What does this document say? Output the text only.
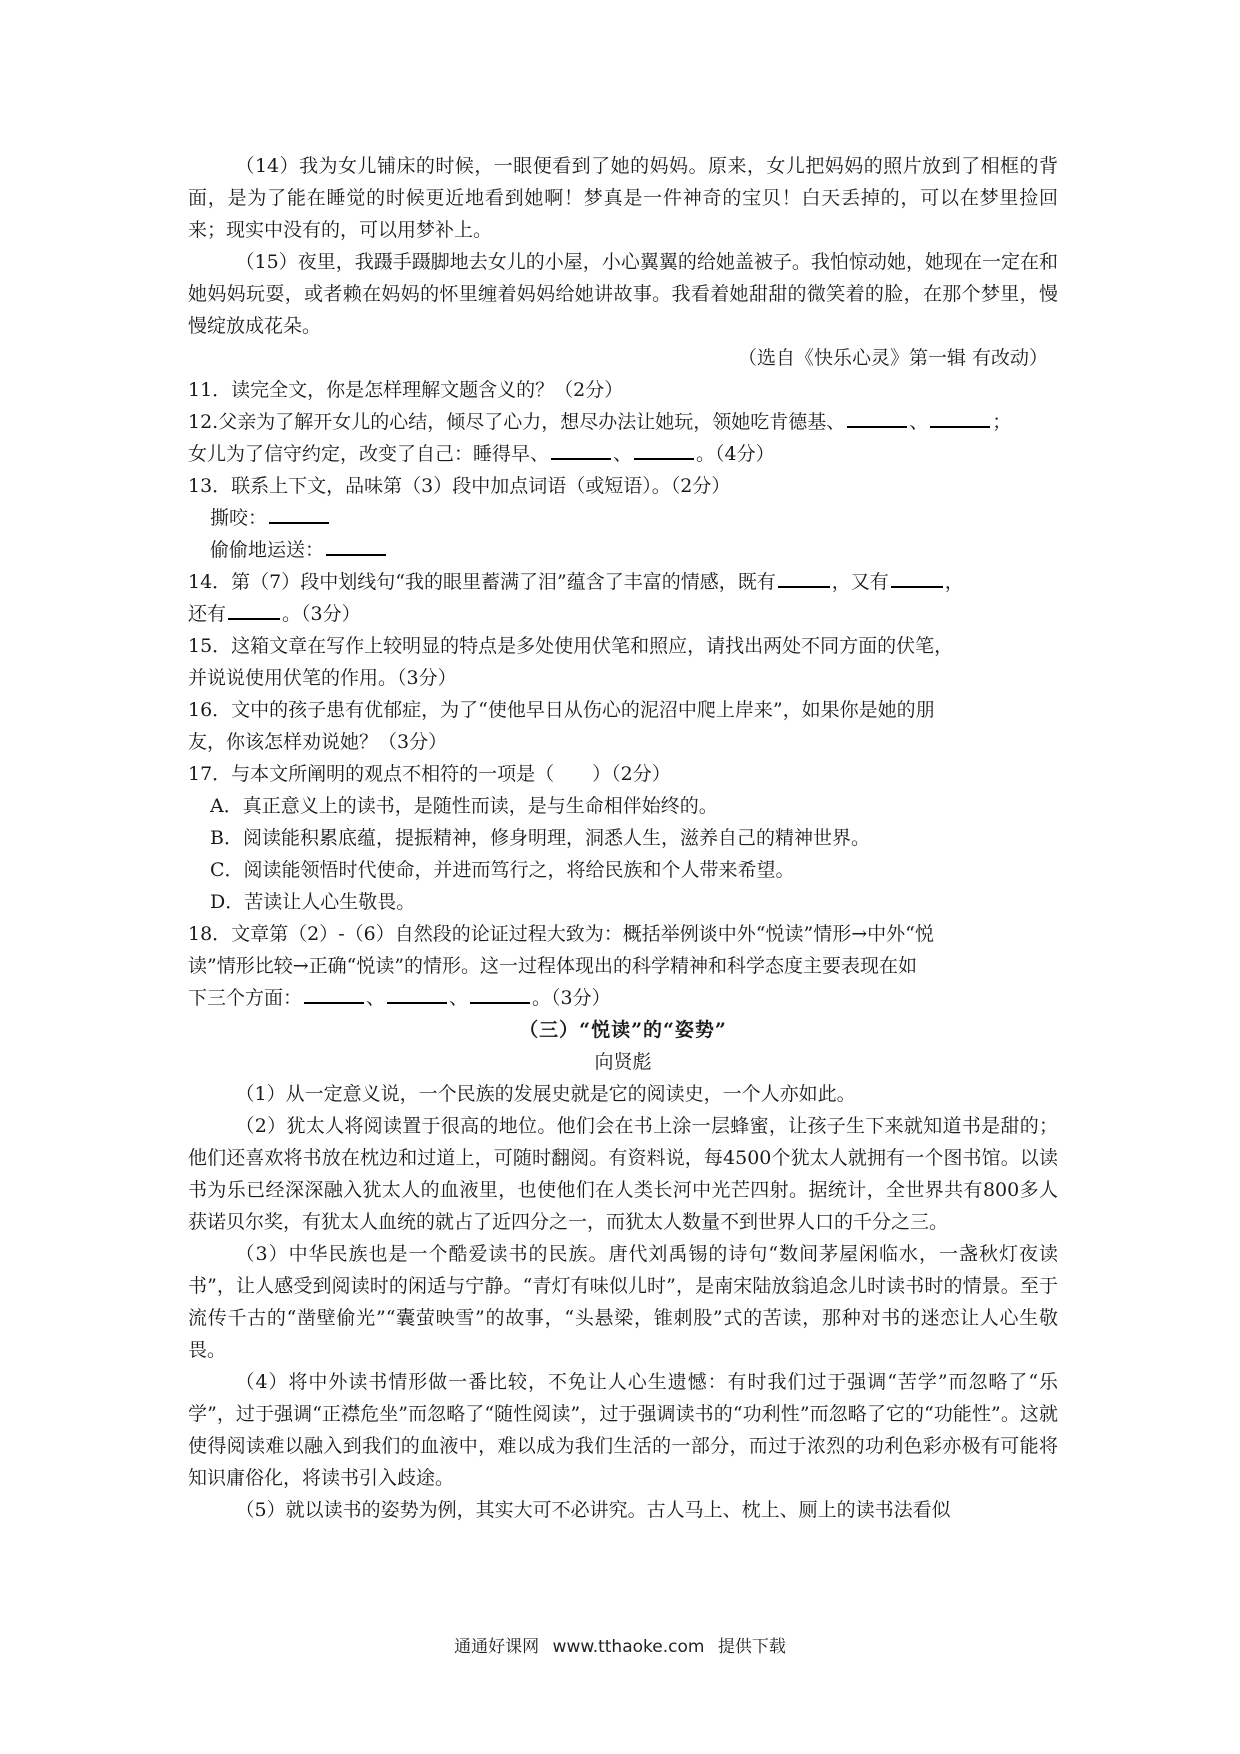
（14）我为女儿铺床的时候，一眼便看到了她的妈妈。原来，女儿把妈妈的照片放到了相框的背面，是为了能在睡觉的时候更近地看到她啊！梦真是一件神奇的宝贝！白天丢掉的，可以在梦里捡回来；现实中没有的，可以用梦补上。
（15）夜里，我蹑手蹑脚地去女儿的小屋，小心翼翼的给她盖被子。我怕惊动她，她现在一定在和她妈妈玩耍，或者赖在妈妈的怀里缠着妈妈给她讲故事。我看着她甜甜的微笑着的脸，在那个梦里，慢慢绽放成花朵。
（选自《快乐心灵》第一辑 有改动）
11．读完全文，你是怎样理解文题含义的？（2分）
12.父亲为了解开女儿的心结，倾尽了心力，想尽办法让她玩，领她吃肯德基、	、	；
女儿为了信守约定，改变了自己：睡得早、	、	。（4分）
13．联系上下文，品味第（3）段中加点词语（或短语）。（2分）
撕咬：
偷偷地运送：
14．第（7）段中划线句“我的眼里蓄满了泪”蕴含了丰富的情感，既有	，又有	，
还有	。（3分）
15．这箱文章在写作上较明显的特点是多处使用伏笔和照应，请找出两处不同方面的伏笔，
并说说使用伏笔的作用。（3分）
16．文中的孩子患有优郁症，为了“使他早日从伤心的泥沼中爬上岸来”，如果你是她的朋
友，你该怎样劝说她？（3分）
17．与本文所阐明的观点不相符的一项是（　　）（2分）
A．真正意义上的读书，是随性而读，是与生命相伴始终的。
B．阅读能积累底蕴，提振精神，修身明理，洞悉人生，滋养自己的精神世界。
C．阅读能领悟时代使命，并进而笃行之，将给民族和个人带来希望。
D．苦读让人心生敬畏。
18．文章第（2）-（6）自然段的论证过程大致为：概括举例谈中外“悦读”情形→中外“悦
读”情形比较→正确“悦读”的情形。这一过程体现出的科学精神和科学态度主要表现在如
下三个方面：	、	、	。（3分）
（三）“悦读”的“姿势”
向贤彪
（1）从一定意义说，一个民族的发展史就是它的阅读史，一个人亦如此。
（2）犹太人将阅读置于很高的地位。他们会在书上涂一层蜂蜜，让孩子生下来就知道书是甜的；他们还喜欢将书放在枕边和过道上，可随时翻阅。有资料说，每4500个犹太人就拥有一个图书馆。以读书为乐已经深深融入犹太人的血液里，也使他们在人类长河中光芒四射。据统计，全世界共有800多人获诺贝尔奖，有犹太人血统的就占了近四分之一，而犹太人数量不到世界人口的千分之三。
（3）中华民族也是一个酷爱读书的民族。唐代刘禹锡的诗句“数间茅屋闲临水，一盏秋灯夜读书”，让人感受到阅读时的闲适与宁静。“青灯有味似儿时”，是南宋陆放翁追念儿时读书时的情景。至于流传千古的“凿壁偷光”“囊萤映雪”的故事，“头悬梁，锥刺股”式的苦读，那种对书的迷恋让人心生敬畏。
（4）将中外读书情形做一番比较，不免让人心生遗憾：有时我们过于强调“苦学”而忽略了“乐学”，过于强调“正襟危坐”而忽略了“随性阅读”，过于强调读书的“功利性”而忽略了它的“功能性”。这就使得阅读难以融入到我们的血液中，难以成为我们生活的一部分，而过于浓烈的功利色彩亦极有可能将知识庸俗化，将读书引入歧途。
（5）就以读书的姿势为例，其实大可不必讲究。古人马上、枕上、厕上的读书法看似
通通好课网 www.tthaoke.com 提供下载
